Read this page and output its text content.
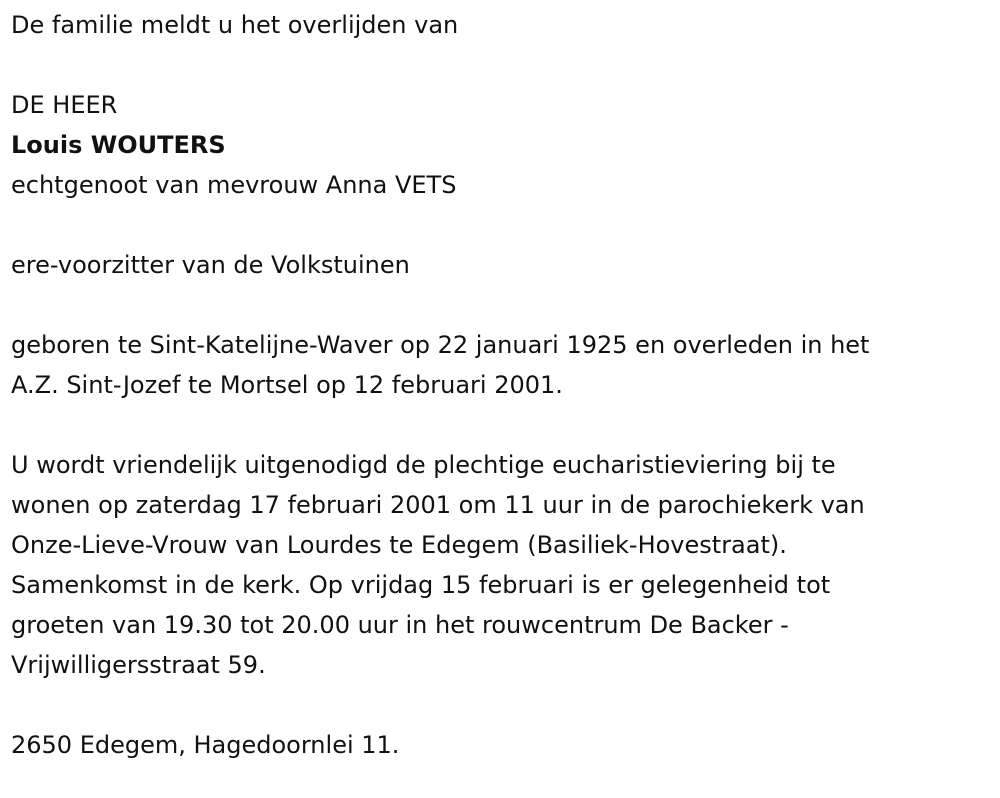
De familie meldt u het overlijden van

DE HEER

Louis WOUTERS

echtgenoot van mevrouw Anna VETS

ere-voorzitter van de Volkstuinen

geboren te Sint-Katelijne-Waver op 22 januari 1925 en overleden in het

A.Z. Sint-Jozef te Mortsel op 12 februari 2001.

U wordt vriendelijk uitgenodigd de plechtige eucharistieviering bij te

wonen op zaterdag 17 februari 2001 om 11 uur in de parochiekerk van

Onze-Lieve-Vrouw van Lourdes te Edegem (Basiliek-Hovestraat).

Samenkomst in de kerk. Op vrijdag 15 februari is er gelegenheid tot

groeten van 19.30 tot 20.00 uur in het rouwcentrum De Backer -

Vrijwilligersstraat 59.

2650 Edegem, Hagedoornlei 11.
